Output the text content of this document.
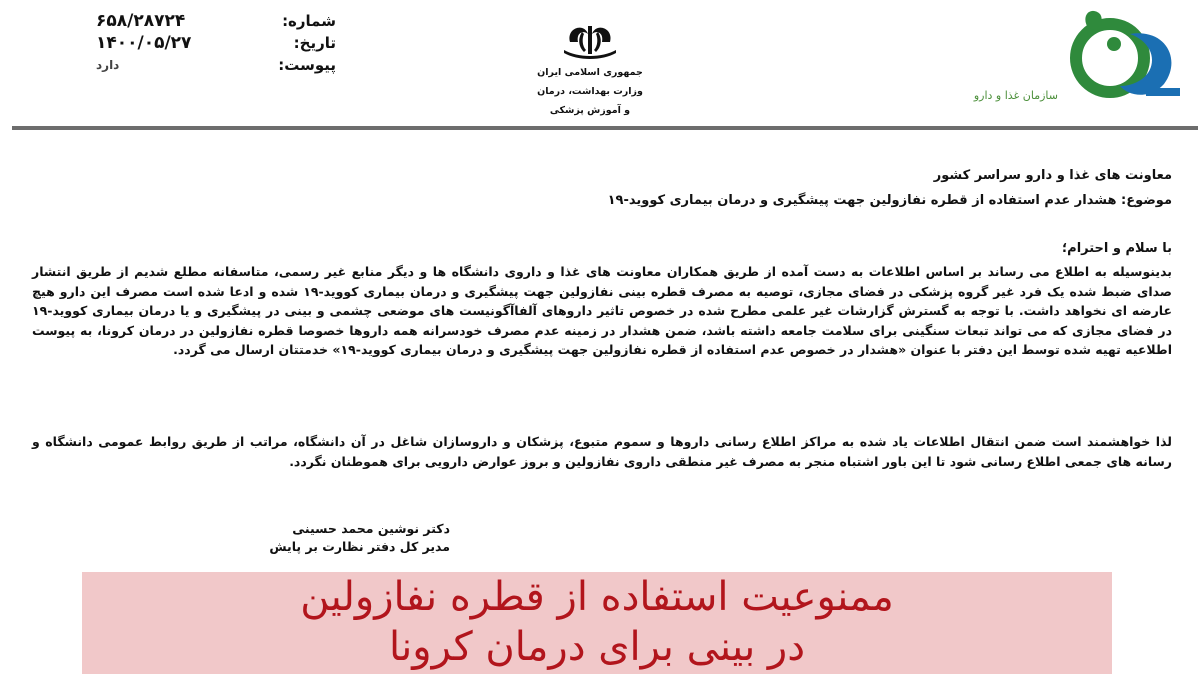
شماره:
۶۵۸/۲۸۷۲۴
تاریخ:
۱۴۰۰/۰۵/۲۷
پیوست:
دارد
جمهوری اسلامی ایران
وزارت بهداشت، درمان
و آموزش پزشکی
سازمان غذا و دارو
معاونت های غذا و دارو سراسر کشور
موضوع: هشدار عدم استفاده از قطره نفازولین جهت پیشگیری و درمان بیماری کووید-۱۹
با سلام و احترام؛
بدینوسیله به اطلاع می رساند بر اساس اطلاعات به دست آمده از طریق همکاران معاونت های غذا و داروی دانشگاه ها و دیگر منابع غیر رسمی، متاسفانه مطلع شدیم از طریق انتشار صدای ضبط شده یک فرد غیر گروه پزشکی در فضای مجازی، توصیه به مصرف قطره بینی نفازولین جهت پیشگیری و درمان بیماری کووید-۱۹ شده و ادعا شده است مصرف این دارو هیچ عارضه ای نخواهد داشت. با توجه به گسترش گزارشات غیر علمی مطرح شده در خصوص تاثیر داروهای آلفاآگونیست های موضعی چشمی و بینی در پیشگیری و یا درمان بیماری کووید-۱۹ در فضای مجازی که می تواند تبعات سنگینی برای سلامت جامعه داشته باشد، ضمن هشدار در زمینه عدم مصرف خودسرانه همه داروها خصوصا قطره نفازولین در درمان کرونا، به پیوست اطلاعیه تهیه شده توسط این دفتر با عنوان «هشدار در خصوص عدم استفاده از قطره نفازولین جهت پیشگیری و درمان بیماری کووید-۱۹» خدمتتان ارسال می گردد.
لذا خواهشمند است ضمن انتقال اطلاعات یاد شده به مراکز اطلاع رسانی داروها و سموم متبوع، پزشکان و داروسازان شاغل در آن دانشگاه، مراتب از طریق روابط عمومی دانشگاه و رسانه های جمعی اطلاع رسانی شود تا این باور اشتباه منجر به مصرف غیر منطقی داروی نفازولین و بروز عوارض دارویی برای هموطنان نگردد.
دکتر نوشین محمد حسینی
مدیر کل دفتر نظارت بر پایش
ممنوعیت استفاده از قطره نفازولین
در بینی برای درمان کرونا
